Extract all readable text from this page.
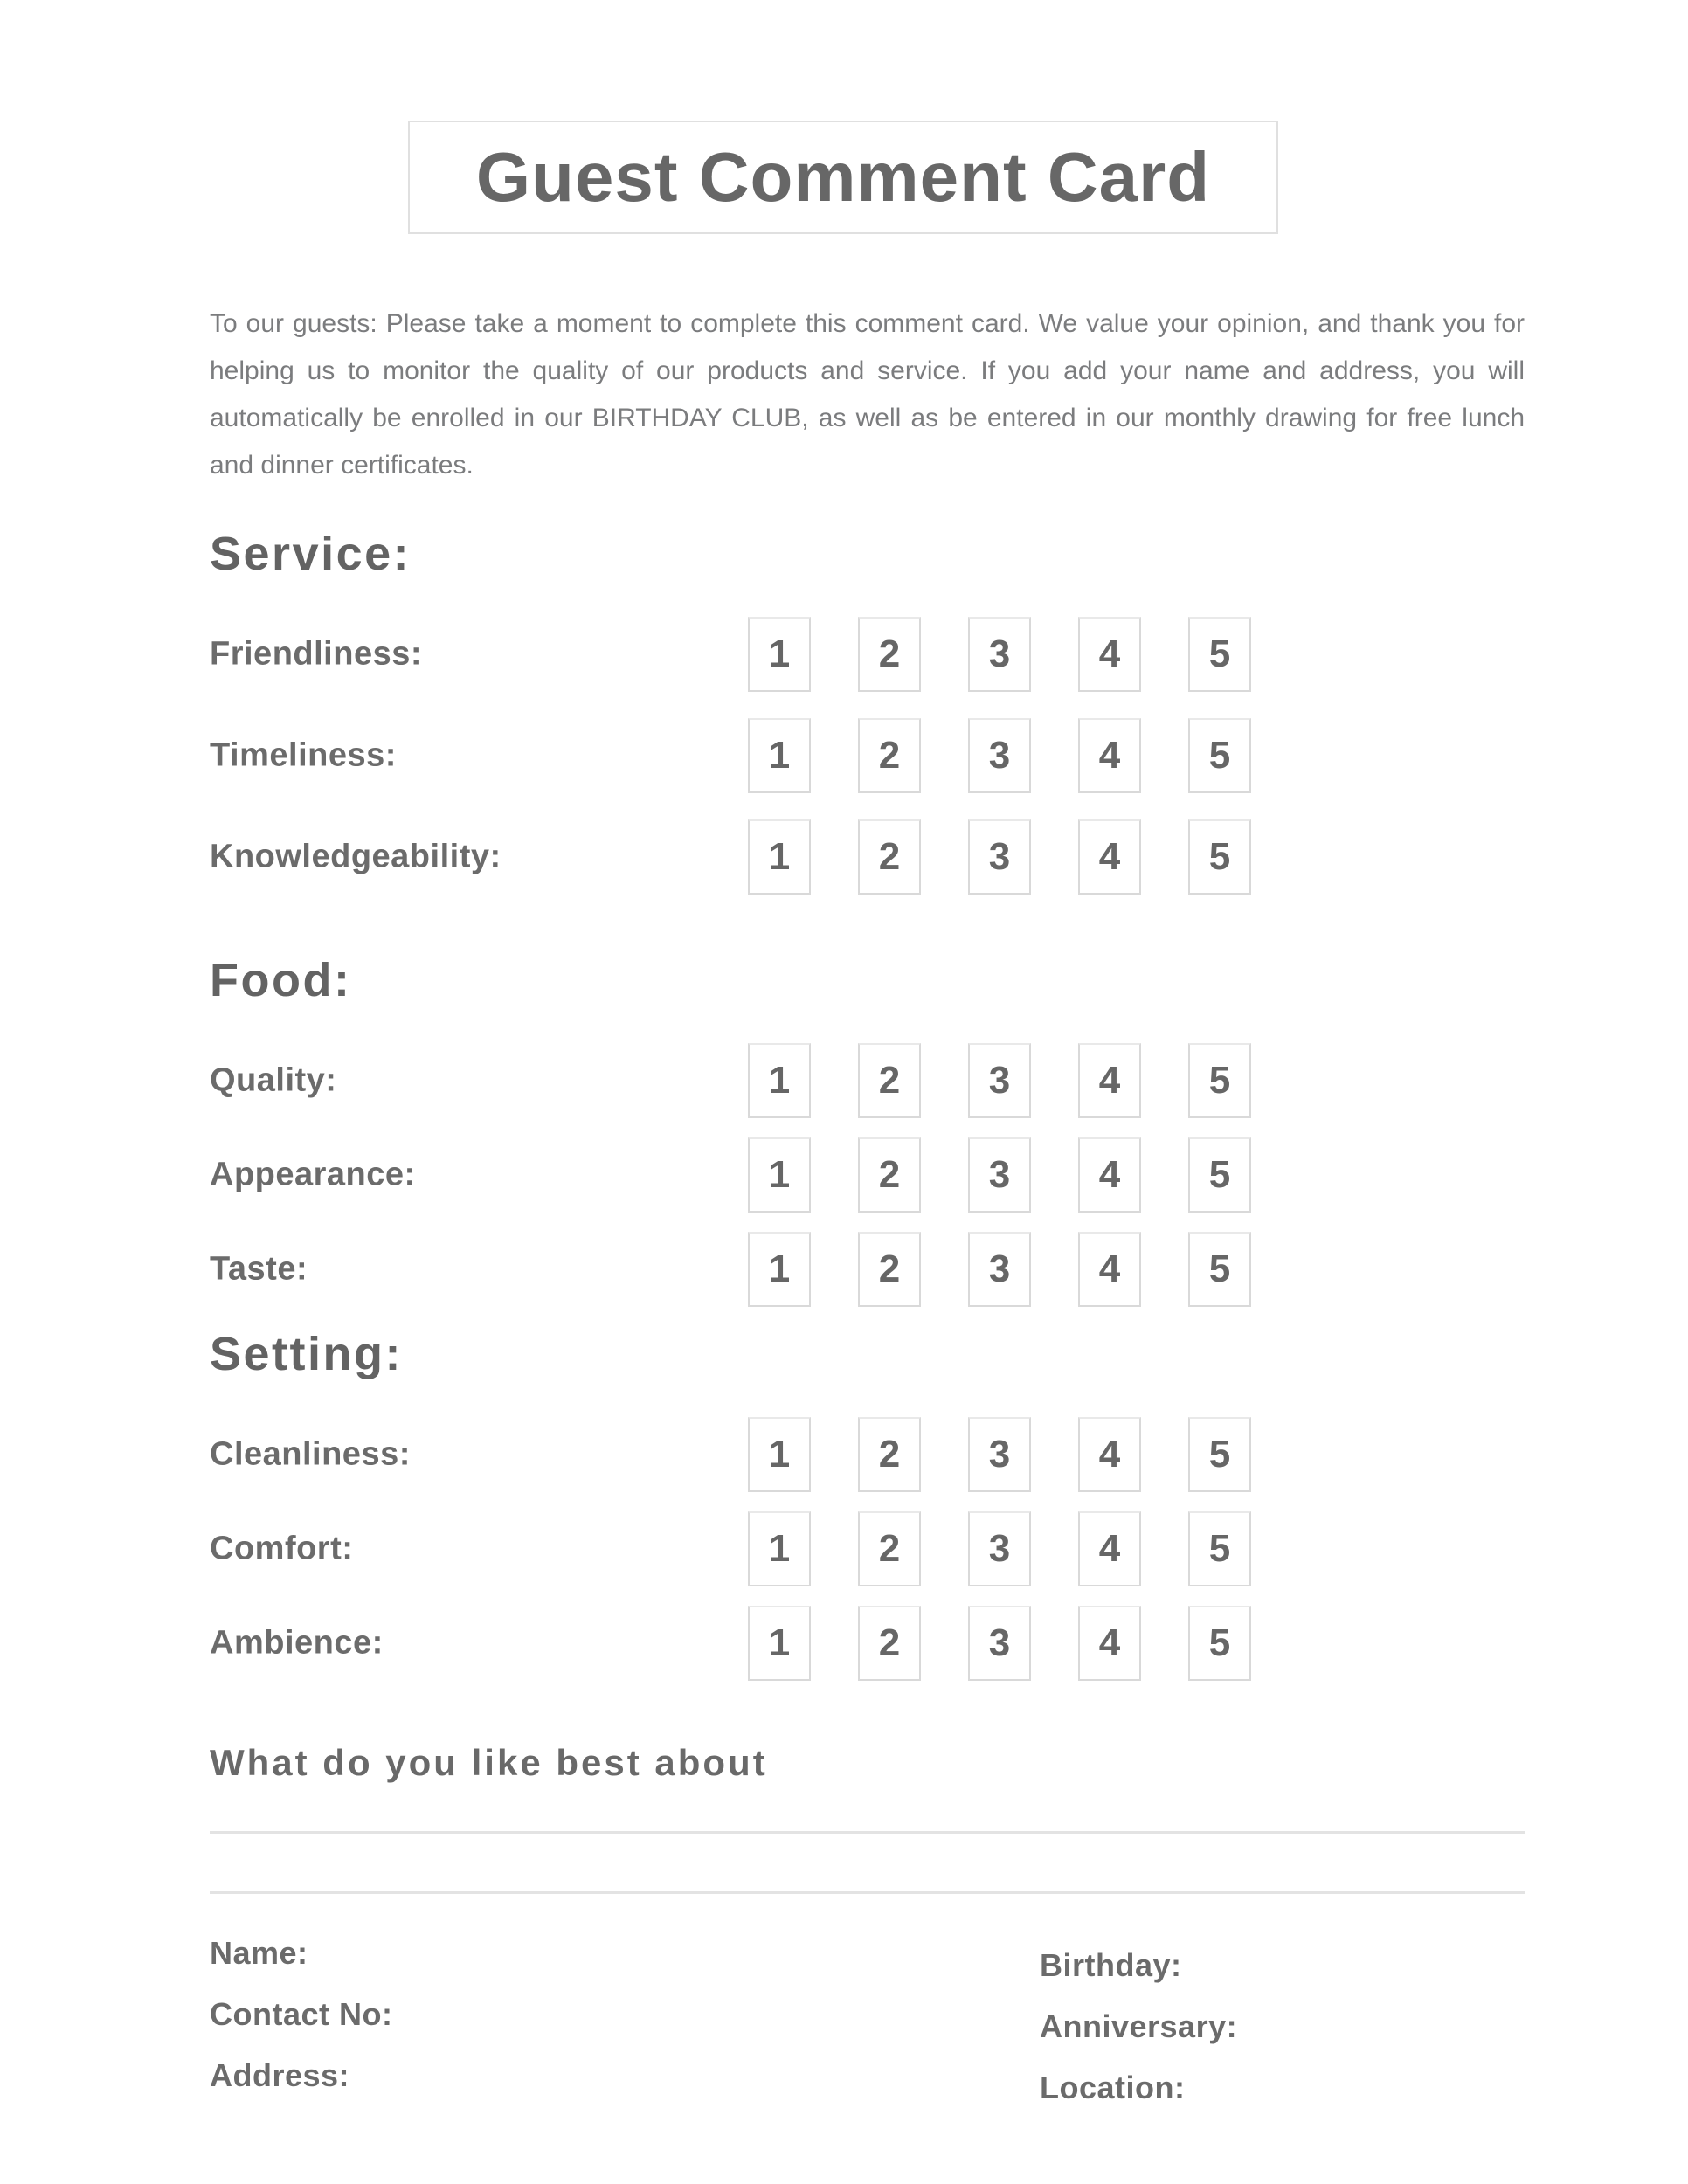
Guest Comment Card

To our guests: Please take a moment to complete this comment card. We value your opinion, and thank you for helping us to monitor the quality of our products and service. If you add your name and address, you will automatically be enrolled in our BIRTHDAY CLUB, as well as be entered in our monthly drawing for free lunch and dinner certificates.

Service:
Friendliness:	1	2	3	4	5
Timeliness:	1	2	3	4	5
Knowledgeability:	1	2	3	4	5
Food:
Quality:	1	2	3	4	5
Appearance:	1	2	3	4	5
Taste:	1	2	3	4	5
Setting:
Cleanliness:	1	2	3	4	5
Comfort:	1	2	3	4	5
Ambience:	1	2	3	4	5
What do you like best about
Name:
Contact No:
Address:
Birthday:
Anniversary:
Location:
